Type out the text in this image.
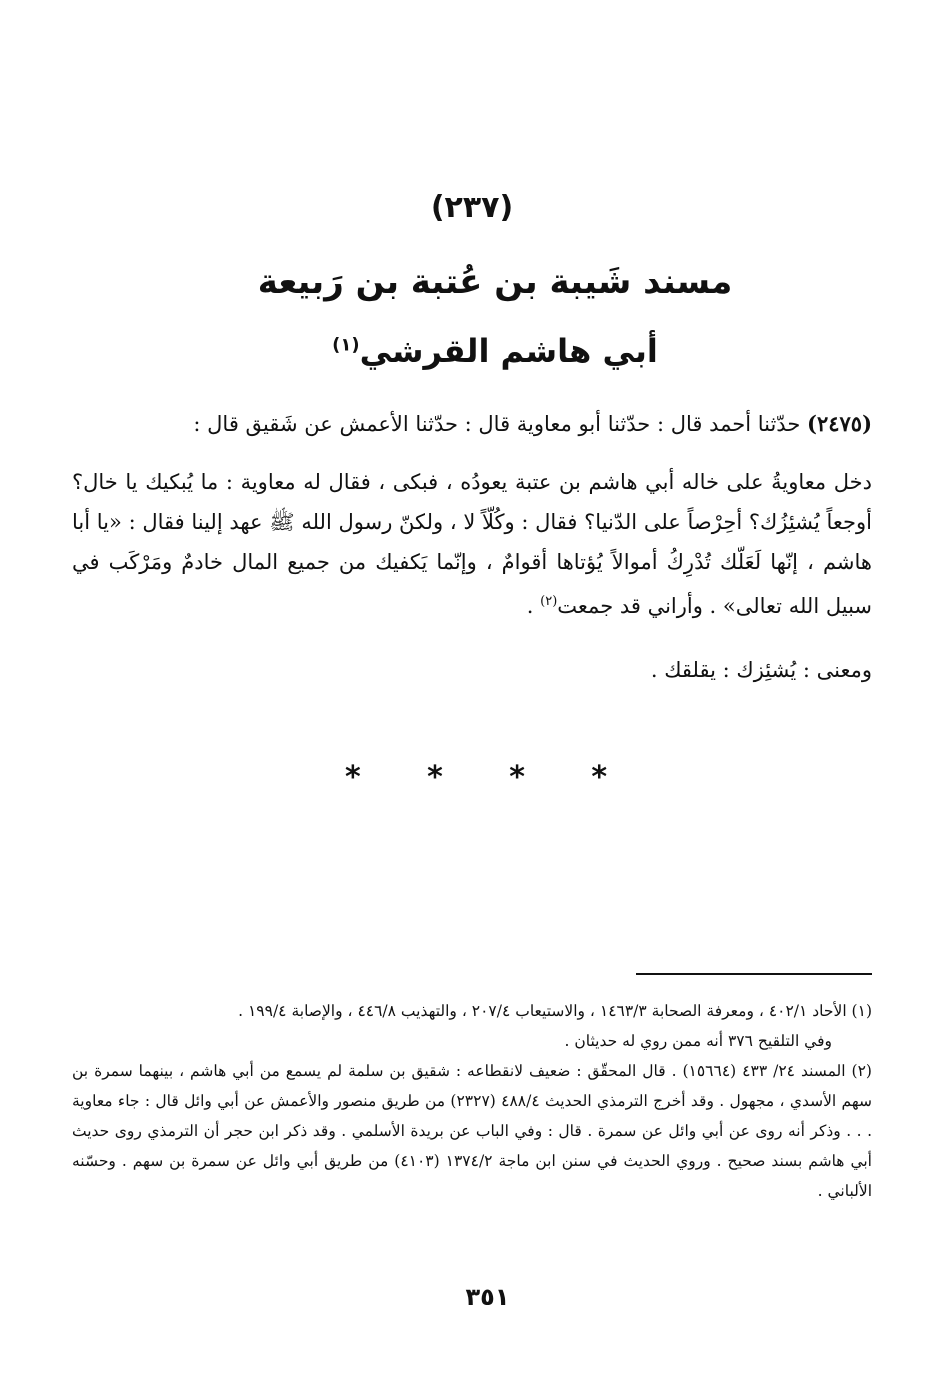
(٢٣٧)
مسند شَيبة بن عُتبة بن رَبيعة
أبي هاشم القرشي$^{(١)}$
(٢٤٧٥) حدّثنا أحمد قال : حدّثنا أبو معاوية قال : حدّثنا الأعمش عن شَقيق قال :
دخل معاويةُ على خاله أبي هاشم بن عتبة يعودُه ، فبكى ، فقال له معاوية : ما يُبكيك يا خال؟ أوجعاً يُشئِزُك؟ أحِرْصاً على الدّنيا؟ فقال : وكُلّاً لا ، ولكنّ رسول الله ﷺ عهد إلينا فقال : «يا أبا هاشم ، إنّها لَعَلّك تُدْرِكُ أموالاً يُؤتاها أقوامٌ ، وإنّما يَكفيك من جميع المال خادمٌ ومَرْكَب في سبيل الله تعالى» . وأراني قد جمعت$^{(٢)}$ .
ومعنى : يُشئِزك : يقلقك .
* * * *

(١) الأحاد ٤٠٢/١ ، ومعرفة الصحابة ١٤٦٣/٣ ، والاستيعاب ٢٠٧/٤ ، والتهذيب ٤٤٦/٨ ، والإصابة ١٩٩/٤ .

وفي التلقيح ٣٧٦ أنه ممن روي له حديثان .

(٢) المسند ٢٤/ ٤٣٣ (١٥٦٦٤) . قال المحقّق : ضعيف لانقطاعه : شقيق بن سلمة لم يسمع من أبي هاشم ، بينهما سمرة بن سهم الأسدي ، مجهول . وقد أخرج الترمذي الحديث ٤٨٨/٤ (٢٣٢٧) من طريق منصور والأعمش عن أبي وائل قال : جاء معاوية . . . وذكر أنه روى عن أبي وائل عن سمرة . قال : وفي الباب عن بريدة الأسلمي . وقد ذكر ابن حجر أن الترمذي روى حديث أبي هاشم بسند صحيح . وروي الحديث في سنن ابن ماجة ١٣٧٤/٢ (٤١٠٣) من طريق أبي وائل عن سمرة بن سهم . وحسّنه الألباني .

٣٥١
